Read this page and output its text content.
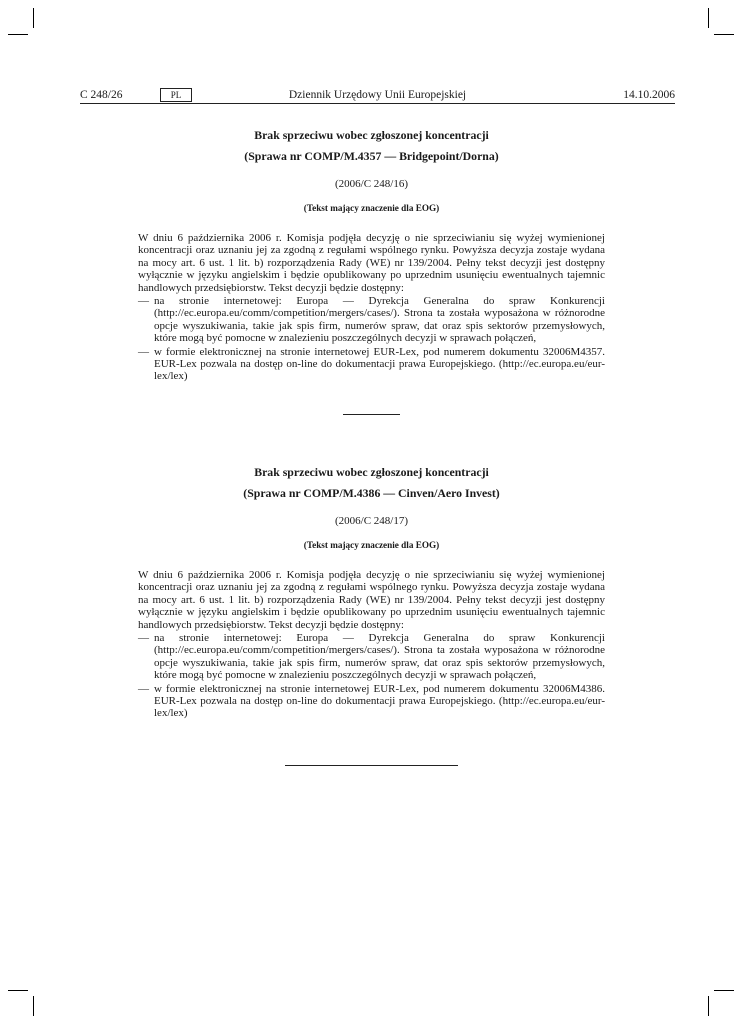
C 248/26	PL	Dziennik Urzędowy Unii Europejskiej	14.10.2006
Brak sprzeciwu wobec zgłoszonej koncentracji
(Sprawa nr COMP/M.4357 — Bridgepoint/Dorna)
(2006/C 248/16)
(Tekst mający znaczenie dla EOG)
W dniu 6 października 2006 r. Komisja podjęła decyzję o nie sprzeciwianiu się wyżej wymienionej koncentracji oraz uznaniu jej za zgodną z regułami wspólnego rynku. Powyższa decyzja zostaje wydana na mocy art. 6 ust. 1 lit. b) rozporządzenia Rady (WE) nr 139/2004. Pełny tekst decyzji jest dostępny wyłącznie w języku angielskim i będzie opublikowany po uprzednim usunięciu ewentualnych tajemnic handlowych przedsiębiorstw. Tekst decyzji będzie dostępny:
— na stronie internetowej: Europa — Dyrekcja Generalna do spraw Konkurencji (http://ec.europa.eu/comm/competition/mergers/cases/). Strona ta została wyposażona w różnorodne opcje wyszukiwania, takie jak spis firm, numerów spraw, dat oraz spis sektorów przemysłowych, które mogą być pomocne w znalezieniu poszczególnych decyzji w sprawach połączeń,
— w formie elektronicznej na stronie internetowej EUR-Lex, pod numerem dokumentu 32006M4357. EUR-Lex pozwala na dostęp on-line do dokumentacji prawa Europejskiego. (http://ec.europa.eu/eur-lex/lex)
Brak sprzeciwu wobec zgłoszonej koncentracji
(Sprawa nr COMP/M.4386 — Cinven/Aero Invest)
(2006/C 248/17)
(Tekst mający znaczenie dla EOG)
W dniu 6 października 2006 r. Komisja podjęła decyzję o nie sprzeciwianiu się wyżej wymienionej koncentracji oraz uznaniu jej za zgodną z regułami wspólnego rynku. Powyższa decyzja zostaje wydana na mocy art. 6 ust. 1 lit. b) rozporządzenia Rady (WE) nr 139/2004. Pełny tekst decyzji jest dostępny wyłącznie w języku angielskim i będzie opublikowany po uprzednim usunięciu ewentualnych tajemnic handlowych przedsiębiorstw. Tekst decyzji będzie dostępny:
— na stronie internetowej: Europa — Dyrekcja Generalna do spraw Konkurencji (http://ec.europa.eu/comm/competition/mergers/cases/). Strona ta została wyposażona w różnorodne opcje wyszukiwania, takie jak spis firm, numerów spraw, dat oraz spis sektorów przemysłowych, które mogą być pomocne w znalezieniu poszczególnych decyzji w sprawach połączeń,
— w formie elektronicznej na stronie internetowej EUR-Lex, pod numerem dokumentu 32006M4386. EUR-Lex pozwala na dostęp on-line do dokumentacji prawa Europejskiego. (http://ec.europa.eu/eur-lex/lex)
